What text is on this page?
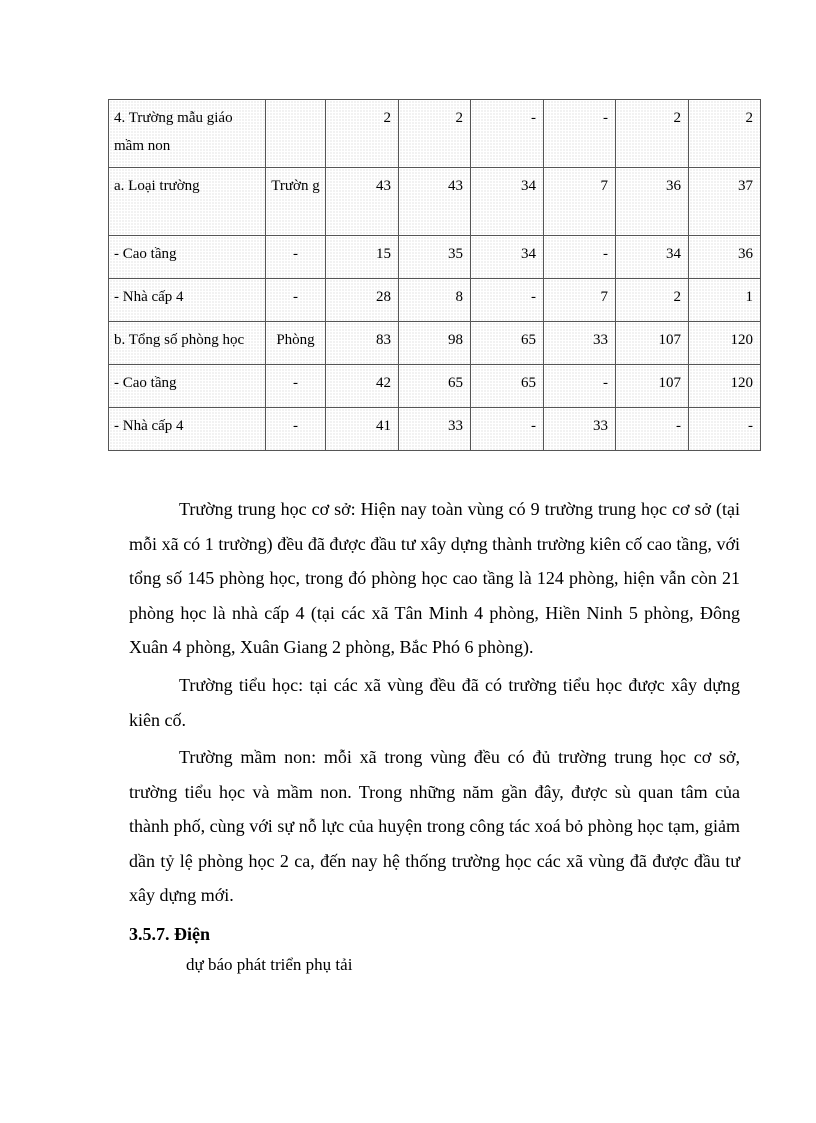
4. Trường mẫu giáo mầm non		2	2	-	-	2	2

a. Loại trường	Trườn g	43	43	34	7	36	37

- Cao tầng	-	15	35	34	-	34	36

- Nhà cấp 4	-	28	8	-	7	2	1

b. Tổng số phòng học	Phòng	83	98	65	33	107	120

- Cao tầng	-	42	65	65	-	107	120

- Nhà cấp 4	-	41	33	-	33	-	-

Trường trung học cơ sở: Hiện nay toàn vùng có 9 trường trung học cơ sở (tại mỗi xã có 1 trường) đều đã được đầu tư xây dựng thành trường kiên cố cao tầng, với tổng số 145 phòng học, trong đó phòng học cao tầng là 124 phòng, hiện vẫn còn 21 phòng học là nhà cấp 4 (tại các xã Tân Minh 4 phòng, Hiền Ninh 5 phòng, Đông Xuân 4 phòng, Xuân Giang 2 phòng, Bắc Phó 6 phòng).

Trường tiểu học: tại các xã vùng đều đã có trường tiểu học được xây dựng kiên cố.

Trường mầm non: mỗi xã trong vùng đều có đủ trường trung học cơ sở, trường tiểu học và mầm non. Trong những năm gần đây, được sù quan tâm của thành phố, cùng với sự nỗ lực của huyện trong công tác xoá bỏ phòng học tạm, giảm dần tỷ lệ phòng học 2 ca, đến nay hệ thống trường học các xã vùng đã được đầu tư xây dựng mới.

3.5.7. Điện

dự báo phát triển phụ tải
